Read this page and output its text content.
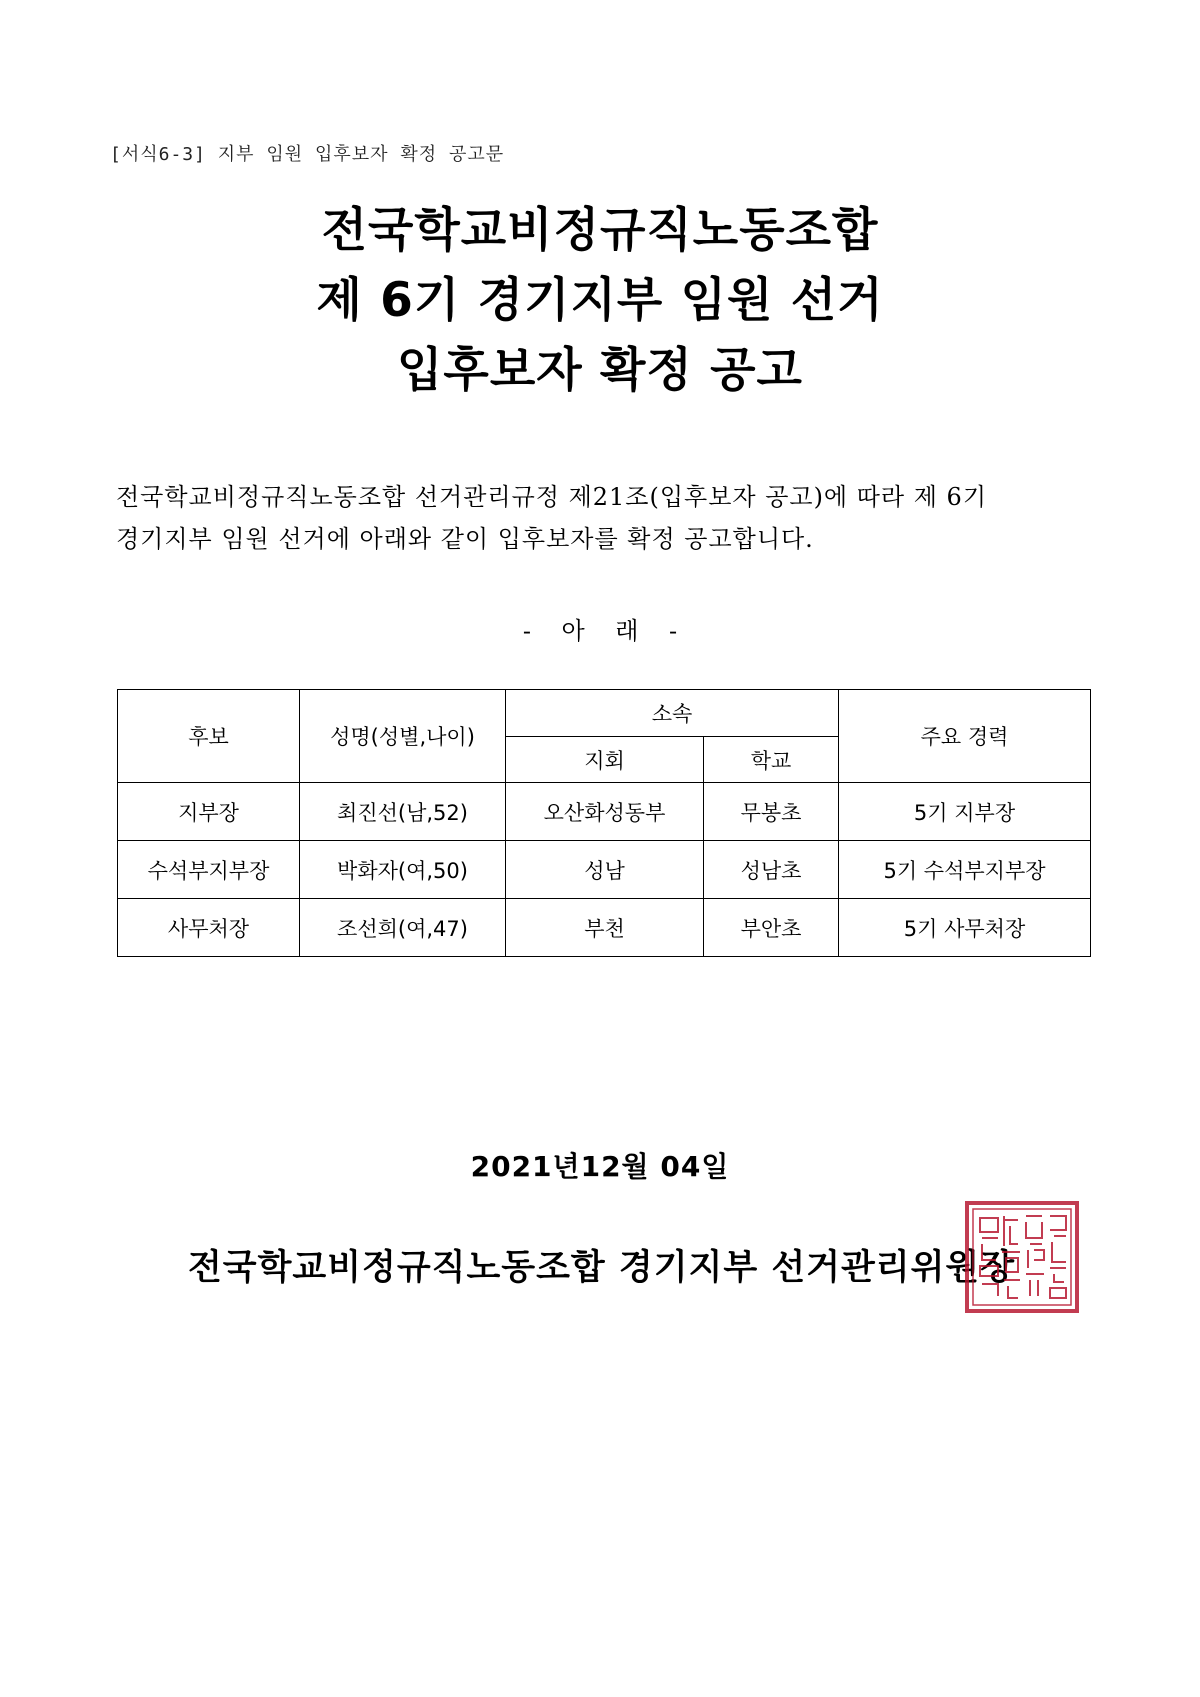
[서식6-3] 지부 임원 입후보자 확정 공고문
전국학교비정규직노동조합
제 6기 경기지부 임원 선거
입후보자 확정 공고
전국학교비정규직노동조합 선거관리규정 제21조(입후보자 공고)에 따라 제 6기
경기지부 임원 선거에 아래와 같이 입후보자를 확정 공고합니다.
-    아    래    -
후보	성명(성별,나이)	소속		주요 경력
		지회	학교	
지부장	최진선(남,52)	오산화성동부	무봉초	5기 지부장
수석부지부장	박화자(여,50)	성남	성남초	5기 수석부지부장
사무처장	조선희(여,47)	부천	부안초	5기 사무처장
2021년12월 04일
전국학교비정규직노동조합 경기지부 선거관리위원장
